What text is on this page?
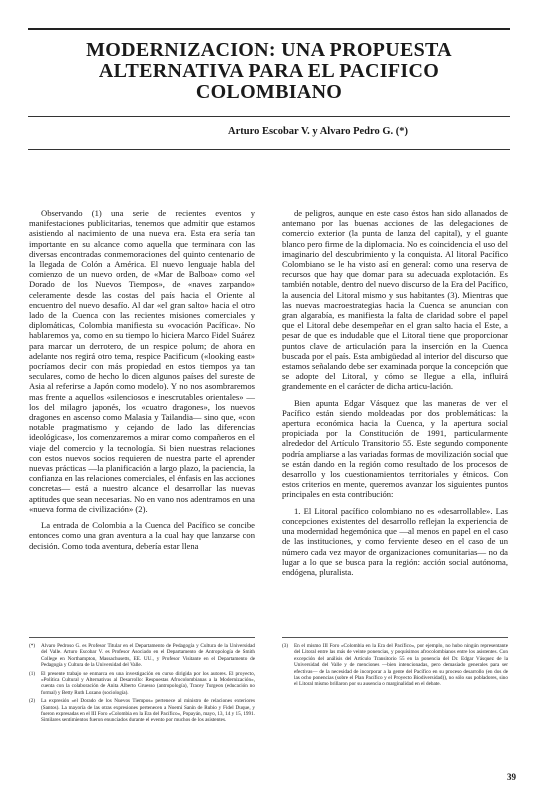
MODERNIZACION: UNA PROPUESTA
ALTERNATIVA PARA EL PACIFICO
COLOMBIANO
Arturo Escobar V. y Alvaro Pedro G. (*)

Observando (1) una serie de recientes eventos y manifestaciones publicitarias, tenemos que admitir que estamos asistiendo al nacimiento de una nueva era. Esta era sería tan importante en su alcance como aquella que terminara con las diversas encontradas conmemoraciones del quinto centenario de la llegada de Colón a América. El nuevo lenguaje habla del comienzo de un nuevo orden, de «Mar de Balboa» como «el Dorado de los Nuevos Tiempos», de «naves zarpando» celeramente desde las costas del país hacia el Oriente al encuentro del nuevo desafío. Al dar «el gran salto» hacia el otro lado de la Cuenca con las recientes misiones comerciales y diplomáticas, Colombia manifiesta su «vocación Pacífica». No hablaremos ya, como en su tiempo lo hiciera Marco Fidel Suárez para marcar un derrotero, de un respice polum; de ahora en adelante nos regirá otro tema, respice Pacificum («looking east» pocríamos decir con más propiedad en estos tiempos ya tan seculares, como de hecho lo dicen algunos países del sureste de Asia al referirse a Japón como modelo). Y no nos asombraremos mas frente a aquellos «silenciosos e inescrutables orientales» —los del milagro japonés, los «cuatro dragones», los nuevos dragones en ascenso como Malasia y Tailandia— sino que, «con notable pragmatismo y cejando de lado las diferencias ideológicas», los comenzaremos a mirar como compañeros en el viaje del comercio y la tecnología. Si bien nuestras relaciones con estos nuevos socios requieren de nuestra parte el aprender nuevas prácticas —la planificación a largo plazo, la paciencia, la confianza en las relaciones comerciales, el énfasis en las acciones concretas— está a nuestro alcance el desarrollar las nuevas aptitudes que sean necesarias. No en vano nos adentramos en una «nueva forma de civilización» (2).

La entrada de Colombia a la Cuenca del Pacífico se concibe entonces como una gran aventura a la cual hay que lanzarse con decisión. Como toda aventura, debería estar llena

de peligros, aunque en este caso éstos han sido allanados de antemano por las buenas acciones de las delegaciones de comercio exterior (la punta de lanza del capital), y el guante blanco pero firme de la diplomacia. No es coincidencia el uso del imaginario del descubrimiento y la conquista. Al litoral Pacífico Colombiano se le ha visto así en general: como una reserva de recursos que hay que domar para su adecuada explotación. Es también notable, dentro del nuevo discurso de la Era del Pacífico, la ausencia del Litoral mismo y sus habitantes (3). Mientras que las nuevas macroestrategias hacia la Cuenca se anuncian con gran algarabía, es manifiesta la falta de claridad sobre el papel que el Litoral debe desempeñar en el gran salto hacia el Este, a pesar de que es indudable que el Litoral tiene que proporcionar puntos clave de articulación para la inserción en la Cuenca buscada por el país. Esta ambigüedad al interior del discurso que estamos señalando debe ser examinada porque la concepción que se adopte del Litoral, y cómo se llegue a ella, influirá grandemente en el carácter de dicha articu-lación.

Bien apunta Edgar Vásquez que las maneras de ver el Pacífico están siendo moldeadas por dos problemáticas: la apertura económica hacia la Cuenca, y la apertura social propiciada por la Constitución de 1991, particularmente alrededor del Artículo Transitorio 55. Este segundo componente podría ampliarse a las variadas formas de movilización social que se están dando en la región como resultado de los procesos de desarrollo y los cuestionamientos territoriales y étnicos. Con estos criterios en mente, queremos avanzar los siguientes puntos principales en esta contribución:

1. El Litoral pacífico colombiano no es «desarrollable». Las concepciones existentes del desarrollo reflejan la experiencia de una modernidad hegemónica que —al menos en papel en el caso de las instituciones, y como ferviente deseo en el caso de un número cada vez mayor de organizaciones comunitarias— no da lugar a lo que se busca para la región: acción social autónoma, endógena, pluralista.

(*)	Alvaro Pedroso G. es Profesor Titular en el Departamento de Pedagogía y Cultura de la Universidad del Valle. Arturo Escobar V. es Profesor Asociado en el Departamento de Antropología de Smith College en Northampton, Massachusetts, EE. UU., y Profesor Visitante en el Departamento de Pedagogía y Cultura de la Universidad del Valle.
(1)	El presente trabajo se enmarca en una investigación en curso dirigida por los autores. El proyecto, «Política Cultural y Alternativas al Desarrollo: Respuestas Afrocolombianas a la Modernización», cuenta con la colaboración de Anita Alberto Gruesso (antropología), Tracey Turgeon (educación no formal) y Betty Ruth Lozano (sociología).
(2)	La expresión «el Dorado de los Nuevos Tiempos» pertenece al ministro de relaciones exteriores (Santos). La mayoría de las otras expresiones pertenecen a Noemí Sanín de Rubio y Fidel Duque, y fueron expresadas en el III Foro «Colombia en la Era del Pacífico», Popayán, mayo, 13, 14 y 15, 1991. Similares sentimientos fueron enunciados durante el evento por muchos de los asistentes.
(3)	En el mismo III Foro «Colombia en la Era del Pacífico», por ejemplo, no hubo ningún representante del Litoral entre las más de veinte ponencias, y poquísimos afrocolombianos entre los asistentes. Con excepción del análisis del Artículo Transitorio 55 en la ponencia del Dr. Edgar Vásquez de la Universidad del Valle y de menciones —bien intencionadas, pero demasiado generales para ser efectivas— de la necesidad de incorporar a la gente del Pacífico en su proceso desarrollo (en dos de las ocho ponencias (sobre el Plan Pacífico y el Proyecto Biodiversidad)), no sólo sus pobladores, sino el Litoral mismo brillaron por su ausencia o marginalidad en el debate.
39
